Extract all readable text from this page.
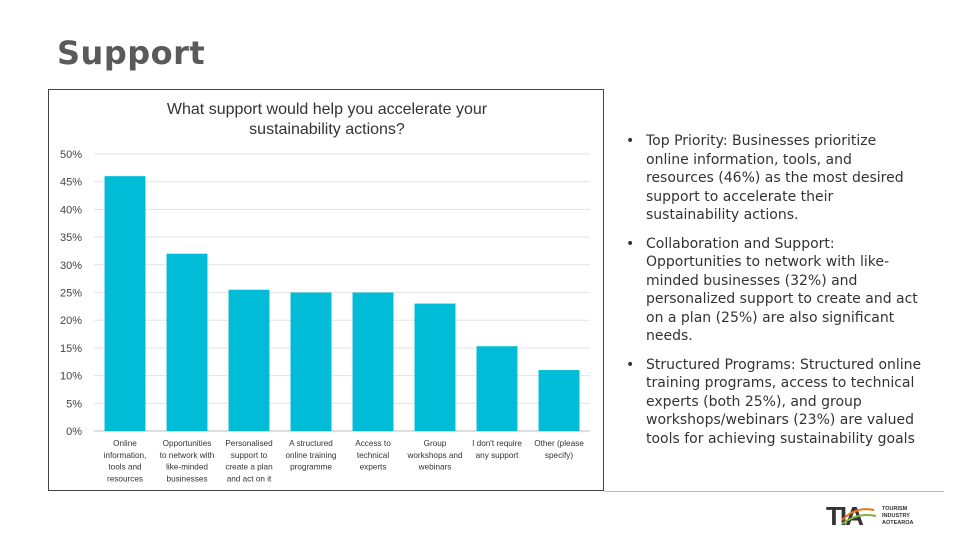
Support
What support would help you accelerate your
sustainability actions?
0%
5%
10%
15%
20%
25%
30%
35%
40%
45%
50%
Online
information,
tools and
resources
Opportunities
to network with
like-minded
businesses
Personalised
support to
create a plan
and act on it
A structured
online training
programme
Access to
technical
experts
Group
workshops and
webinars
I don't require
any support
Other (please
specify)
• Top Priority: Businesses prioritize online information, tools, and resources (46%) as the most desired support to accelerate their sustainability actions.
• Collaboration and Support: Opportunities to network with like-minded businesses (32%) and personalized support to create and act on a plan (25%) are also significant needs.
• Structured Programs: Structured online training programs, access to technical experts (both 25%), and group workshops/webinars (23%) are valued tools for achieving sustainability goals
TIA	TOURISM
INDUSTRY
AOTEAROA
